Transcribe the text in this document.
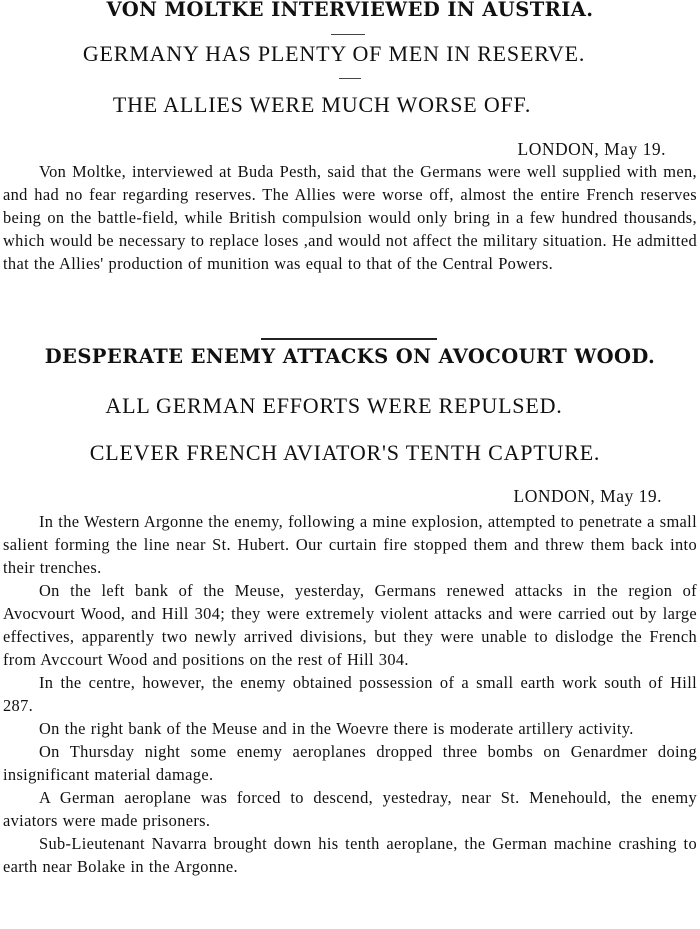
VON MOLTKE INTERVIEWED IN AUSTRIA.
GERMANY HAS PLENTY OF MEN IN RESERVE.
THE ALLIES WERE MUCH WORSE OFF.

LONDON, May 19.

Von Moltke, interviewed at Buda Pesth, said that the Germans were well supplied with men, and had no fear regarding reserves. The Allies were worse off, almost the entire French reserves being on the battle-field, while British compulsion would only bring in a few hundred thousands, which would be necessary to replace loses ,and would not affect the military situation. He admitted that the Allies' production of munition was equal to that of the Central Powers.

DESPERATE ENEMY ATTACKS ON AVOCOURT WOOD.
ALL GERMAN EFFORTS WERE REPULSED.
CLEVER FRENCH AVIATOR'S TENTH CAPTURE.

LONDON, May 19.

In the Western Argonne the enemy, following a mine explosion, attempted to penetrate a small salient forming the line near St. Hubert. Our curtain fire stopped them and threw them back into their trenches.

On the left bank of the Meuse, yesterday, Germans renewed attacks in the region of Avocvourt Wood, and Hill 304; they were extremely violent attacks and were carried out by large effectives, apparently two newly arrived divisions, but they were unable to dislodge the French from Avccourt Wood and positions on the rest of Hill 304.

In the centre, however, the enemy obtained possession of a small earth work south of Hill 287.

On the right bank of the Meuse and in the Woevre there is moderate artillery activity.

On Thursday night some enemy aeroplanes dropped three bombs on Genardmer doing insignificant material damage.

A German aeroplane was forced to descend, yestedray, near St. Menehould, the enemy aviators were made prisoners.

Sub-Lieutenant Navarra brought down his tenth aeroplane, the German machine crashing to earth near Bolake in the Argonne.
